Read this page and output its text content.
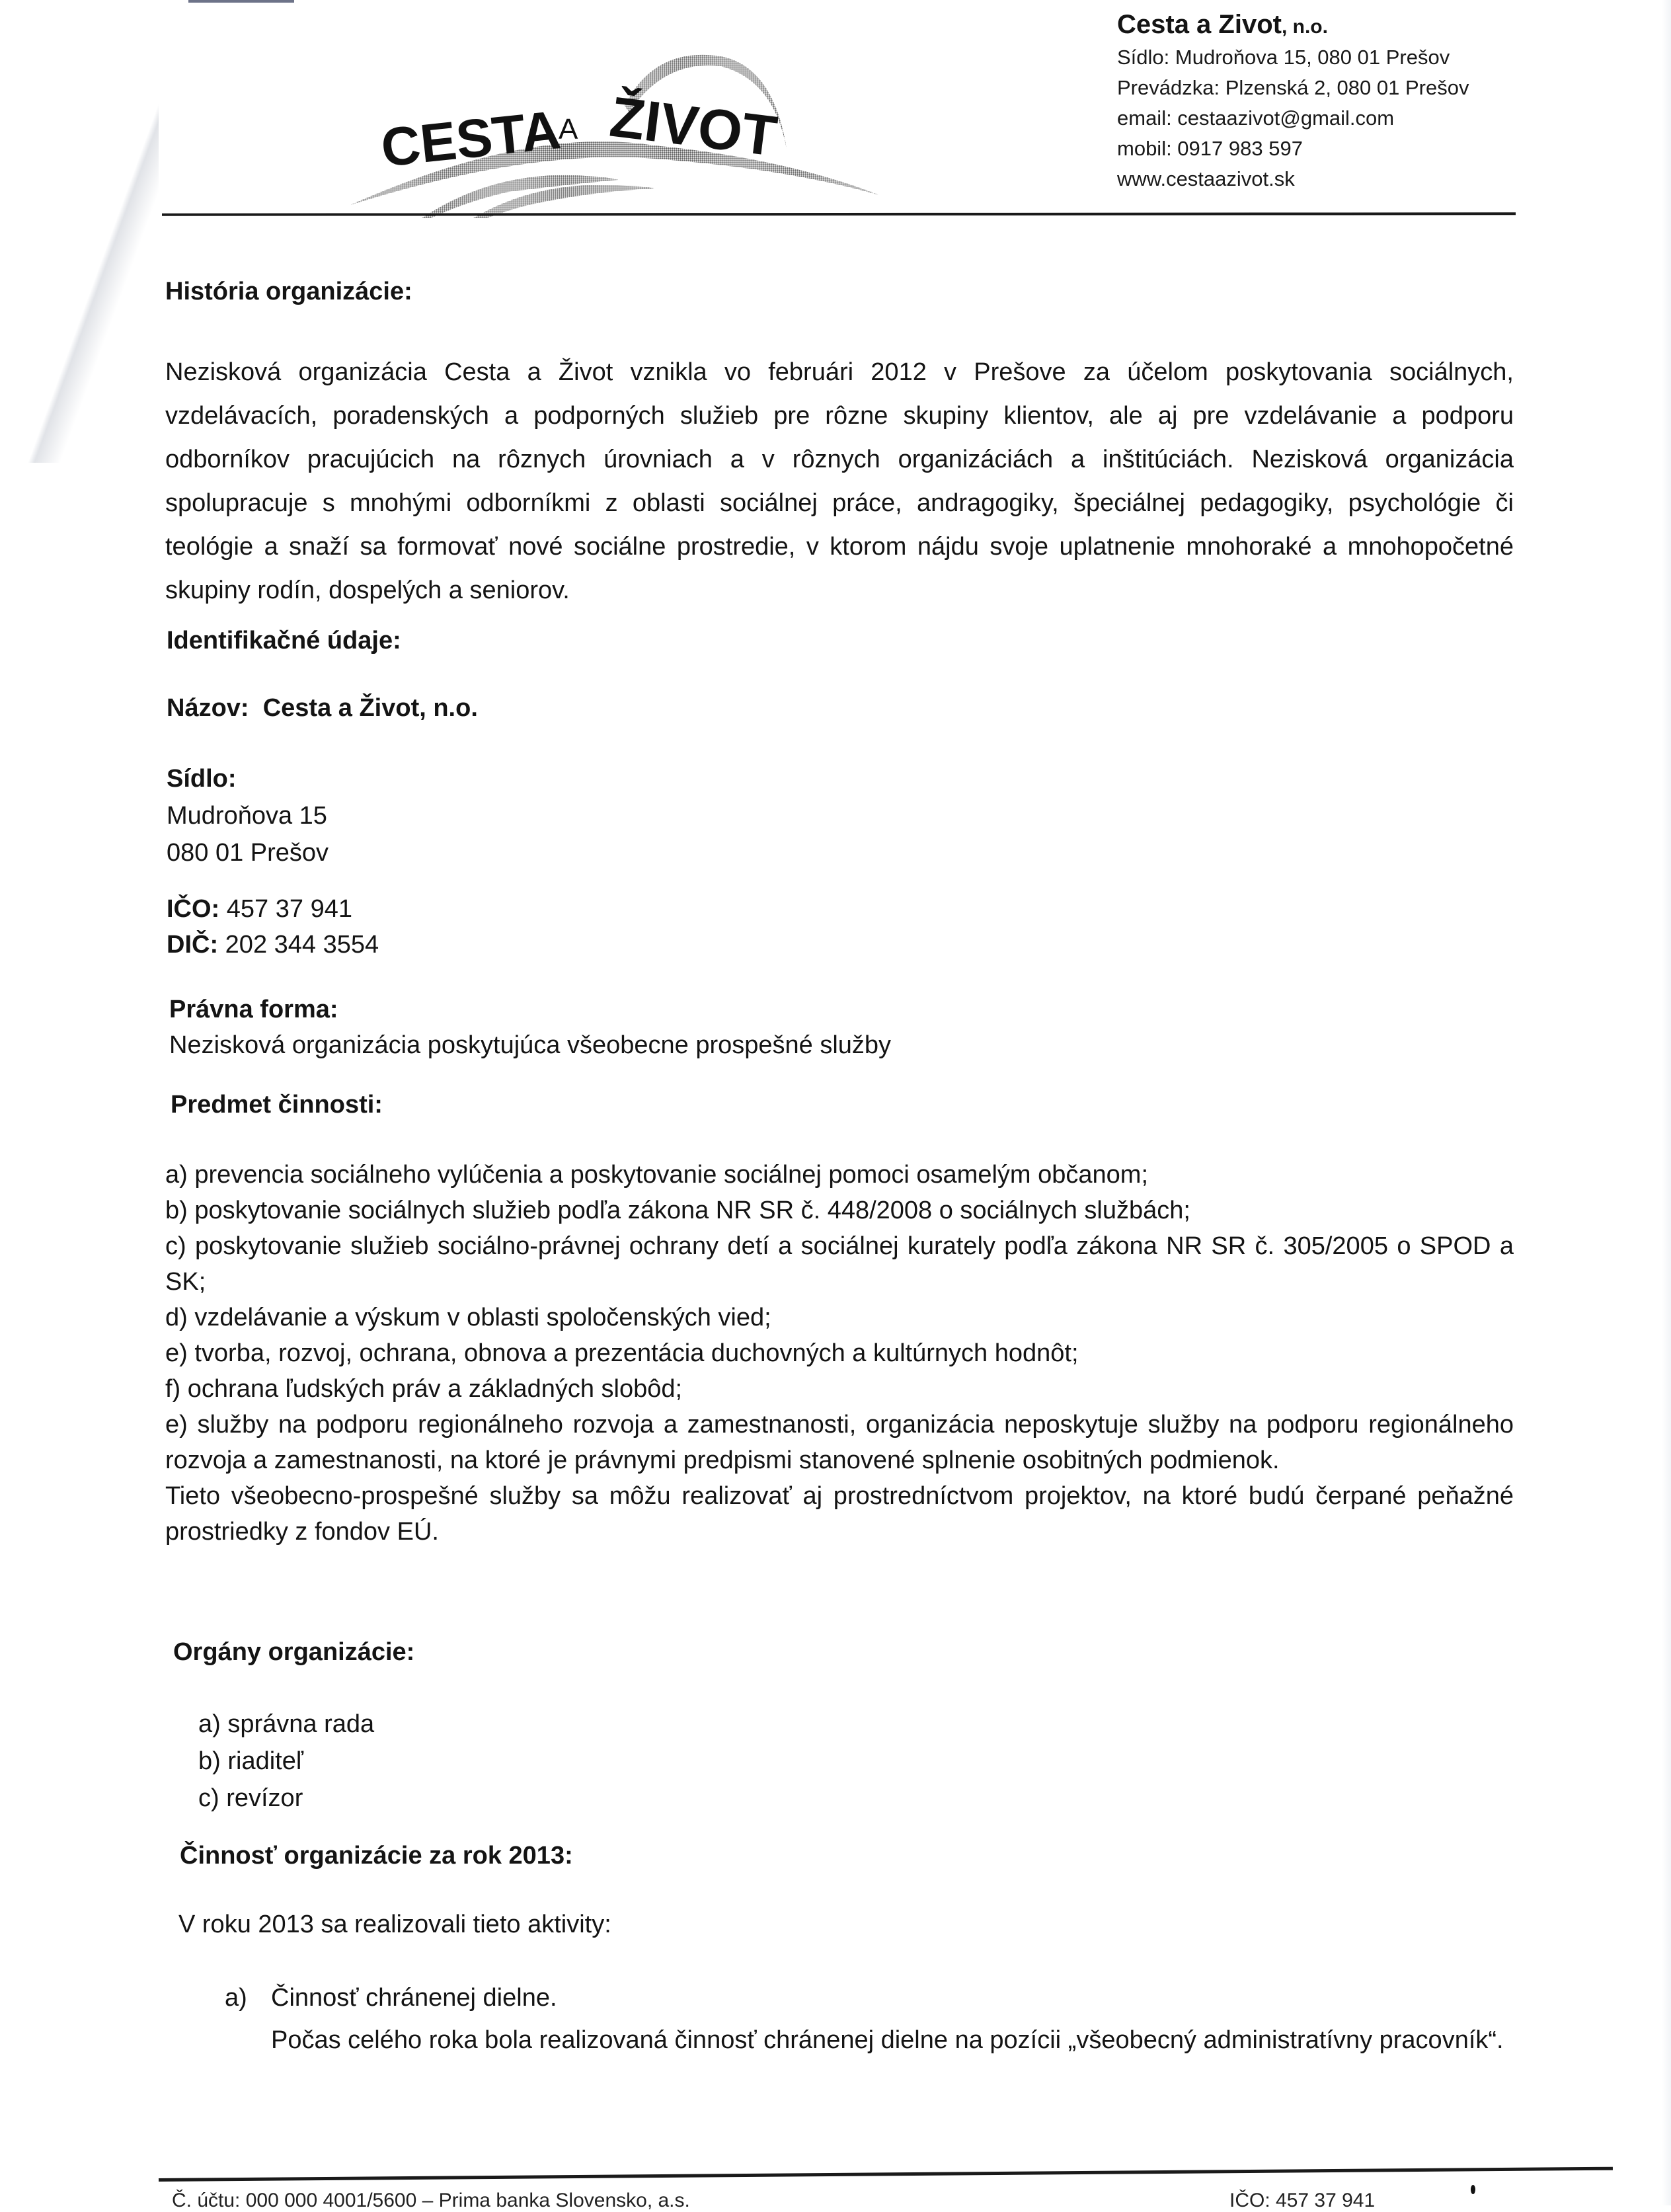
CESTA
A ŽIVOT
Cesta a Zivot, n.o.
Sídlo: Mudroňova 15, 080 01 Prešov
Prevádzka: Plzenská 2, 080 01 Prešov
email: cestaazivot@gmail.com
mobil: 0917 983 597
www.cestaazivot.sk
História organizácie:
Nezisková organizácia Cesta a Život vznikla vo februári 2012 v Prešove za účelom poskytovania sociálnych, vzdelávacích, poradenských a podporných služieb pre rôzne skupiny klientov, ale aj pre vzdelávanie a podporu odborníkov pracujúcich na rôznych úrovniach a v rôznych organizáciách a inštitúciách. Nezisková organizácia spolupracuje s mnohými odborníkmi z oblasti sociálnej práce, andragogiky, špeciálnej pedagogiky, psychológie či teológie a snaží sa formovať nové sociálne prostredie, v ktorom nájdu svoje uplatnenie mnohoraké a mnohopočetné skupiny rodín, dospelých a seniorov.
Identifikačné údaje:
Názov: Cesta a Život, n.o.
Sídlo:
Mudroňova 15
080 01 Prešov
IČO: 457 37 941
DIČ: 202 344 3554
Právna forma:
Nezisková organizácia poskytujúca všeobecne prospešné služby
Predmet činnosti:
a) prevencia sociálneho vylúčenia a poskytovanie sociálnej pomoci osamelým občanom;
b) poskytovanie sociálnych služieb podľa zákona NR SR č. 448/2008 o sociálnych službách;
c) poskytovanie služieb sociálno-právnej ochrany detí a sociálnej kurately podľa zákona NR SR č. 305/2005 o SPOD a SK;
d) vzdelávanie a výskum v oblasti spoločenských vied;
e) tvorba, rozvoj, ochrana, obnova a prezentácia duchovných a kultúrnych hodnôt;
f) ochrana ľudských práv a základných slobôd;
e) služby na podporu regionálneho rozvoja a zamestnanosti, organizácia neposkytuje služby na podporu regionálneho rozvoja a zamestnanosti, na ktoré je právnymi predpismi stanovené splnenie osobitných podmienok.
Tieto všeobecno-prospešné služby sa môžu realizovať aj prostredníctvom projektov, na ktoré budú čerpané peňažné prostriedky z fondov EÚ.
Orgány organizácie:
a) správna rada
b) riaditeľ
c) revízor
Činnosť organizácie za rok 2013:
V roku 2013 sa realizovali tieto aktivity:
a) Činnosť chránenej dielne.
Počas celého roka bola realizovaná činnosť chránenej dielne na pozícii „všeobecný administratívny pracovník“.
Č. účtu: 000 000 4001/5600 – Prima banka Slovensko, a.s.	IČO: 457 37 941
